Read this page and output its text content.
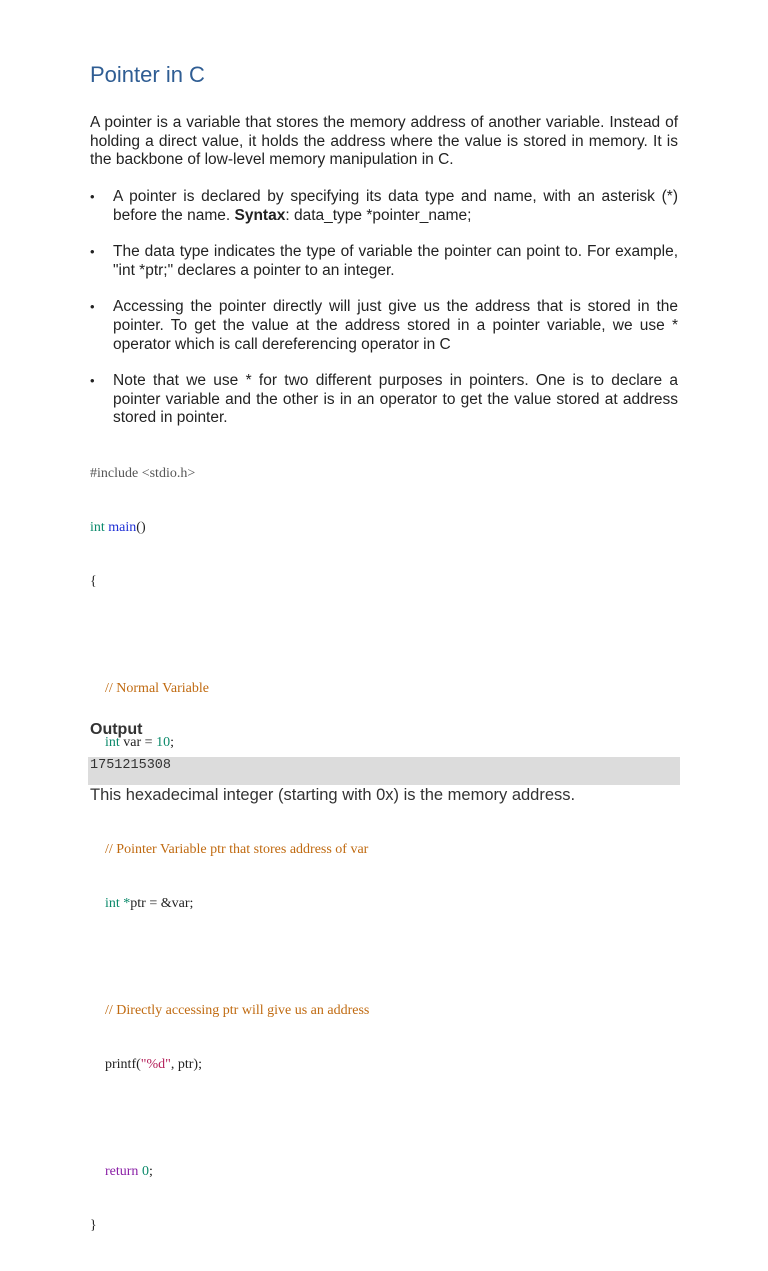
Pointer in C

A pointer is a variable that stores the memory address of another variable. Instead of holding a direct value, it holds the address where the value is stored in memory. It is the backbone of low-level memory manipulation in C.

• A pointer is declared by specifying its data type and name, with an asterisk (*) before the name. Syntax: data_type *pointer_name;
• The data type indicates the type of variable the pointer can point to. For example, "int *ptr;" declares a pointer to an integer.
• Accessing the pointer directly will just give us the address that is stored in the pointer. To get the value at the address stored in a pointer variable, we use * operator which is call dereferencing operator in C
• Note that we use * for two different purposes in pointers. One is to declare a pointer variable and the other is in an operator to get the value stored at address stored in pointer.

#include <stdio.h>

int main()

{

// Normal Variable

int var = 10;

// Pointer Variable ptr that stores address of var

int *ptr = &var;

// Directly accessing ptr will give us an address

printf("%d", ptr);

return 0;

}

Output
1751215308

This hexadecimal integer (starting with 0x) is the memory address.
